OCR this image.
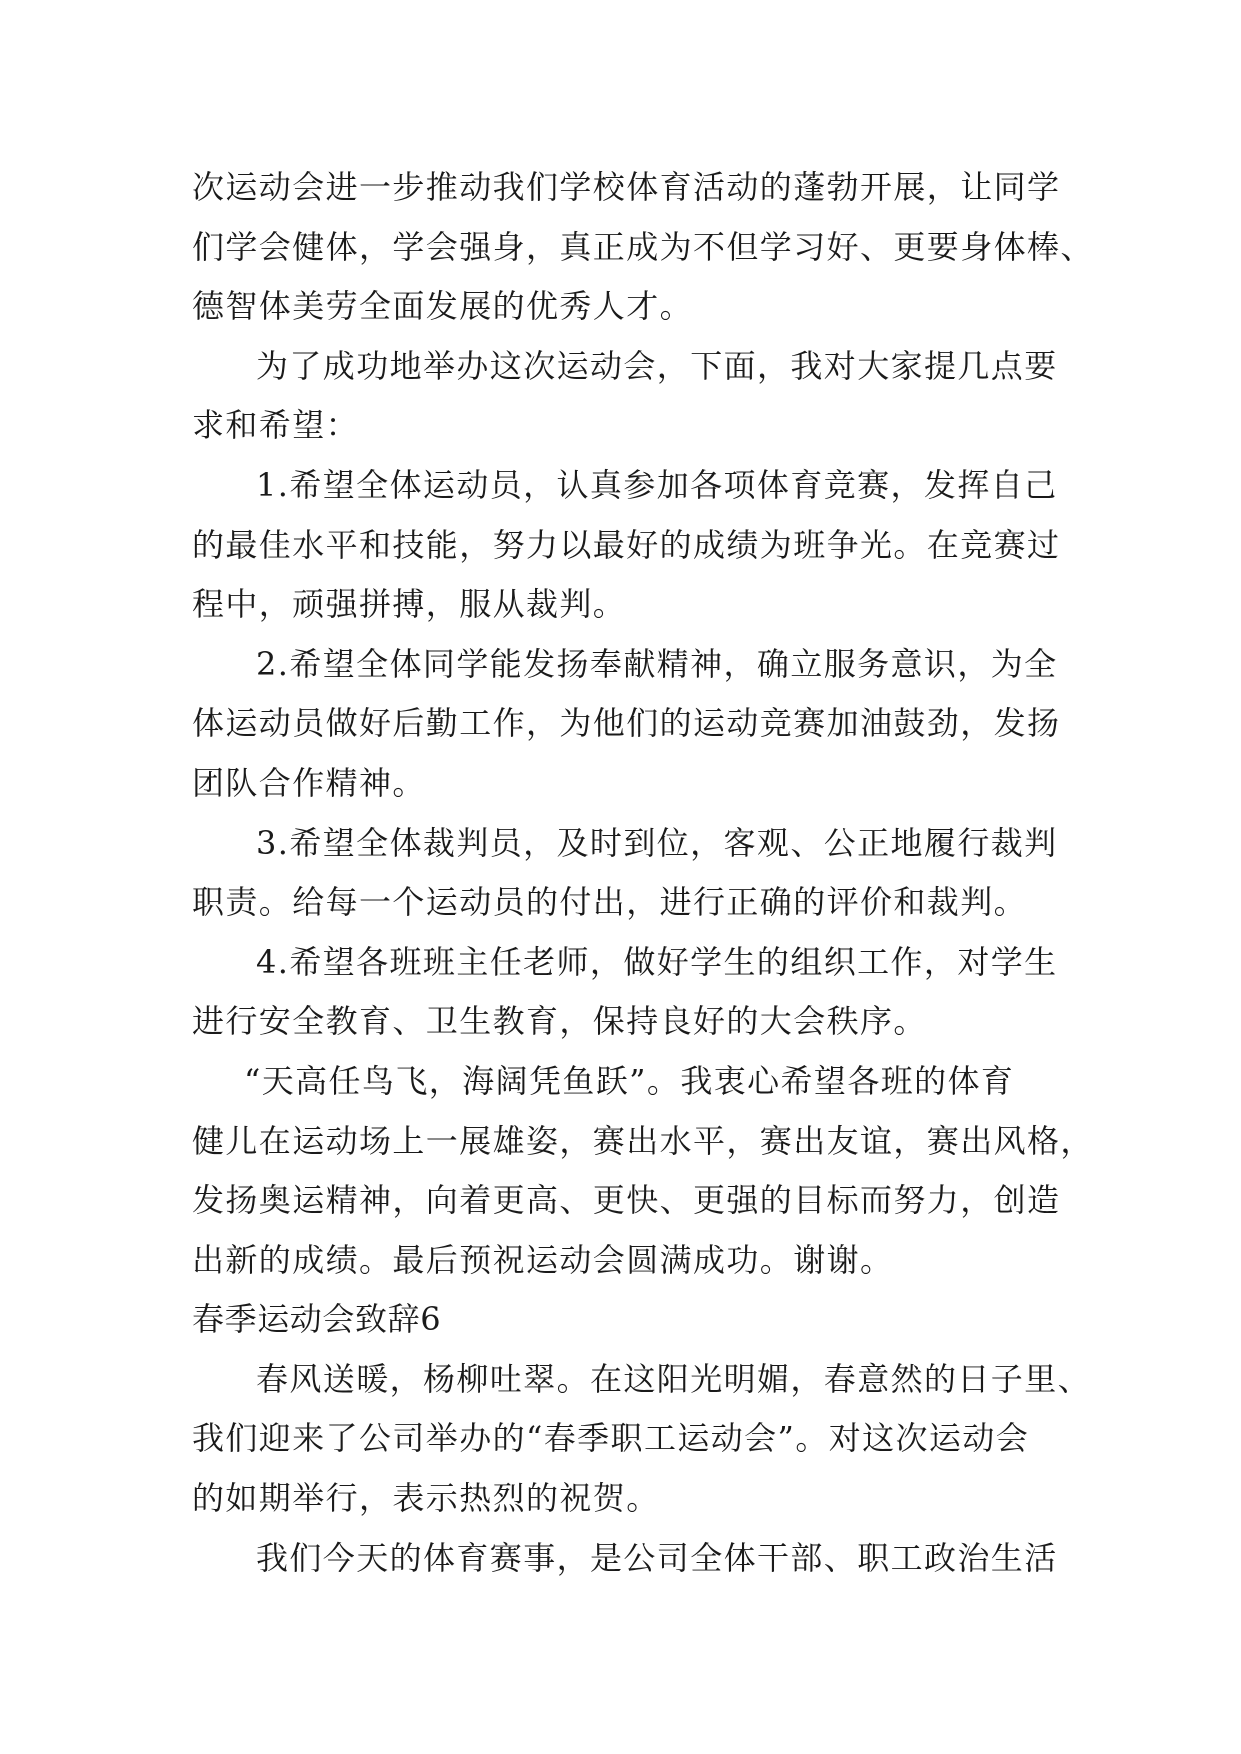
次运动会进一步推动我们学校体育活动的蓬勃开展，让同学
们学会健体，学会强身，真正成为不但学习好、更要身体棒、
德智体美劳全面发展的优秀人才。
为了成功地举办这次运动会，下面，我对大家提几点要
求和希望：
1.希望全体运动员，认真参加各项体育竞赛，发挥自己
的最佳水平和技能，努力以最好的成绩为班争光。在竞赛过
程中，顽强拼搏，服从裁判。
2.希望全体同学能发扬奉献精神，确立服务意识，为全
体运动员做好后勤工作，为他们的运动竞赛加油鼓劲，发扬
团队合作精神。
3.希望全体裁判员，及时到位，客观、公正地履行裁判
职责。给每一个运动员的付出，进行正确的评价和裁判。
4.希望各班班主任老师，做好学生的组织工作，对学生
进行安全教育、卫生教育，保持良好的大会秩序。
“天高任鸟飞，海阔凭鱼跃”。我衷心希望各班的体育
健儿在运动场上一展雄姿，赛出水平，赛出友谊，赛出风格，
发扬奥运精神，向着更高、更快、更强的目标而努力，创造
出新的成绩。最后预祝运动会圆满成功。谢谢。
春季运动会致辞6
春风送暖，杨柳吐翠。在这阳光明媚，春意然的日子里、
我们迎来了公司举办的“春季职工运动会”。对这次运动会
的如期举行，表示热烈的祝贺。
我们今天的体育赛事，是公司全体干部、职工政治生活
